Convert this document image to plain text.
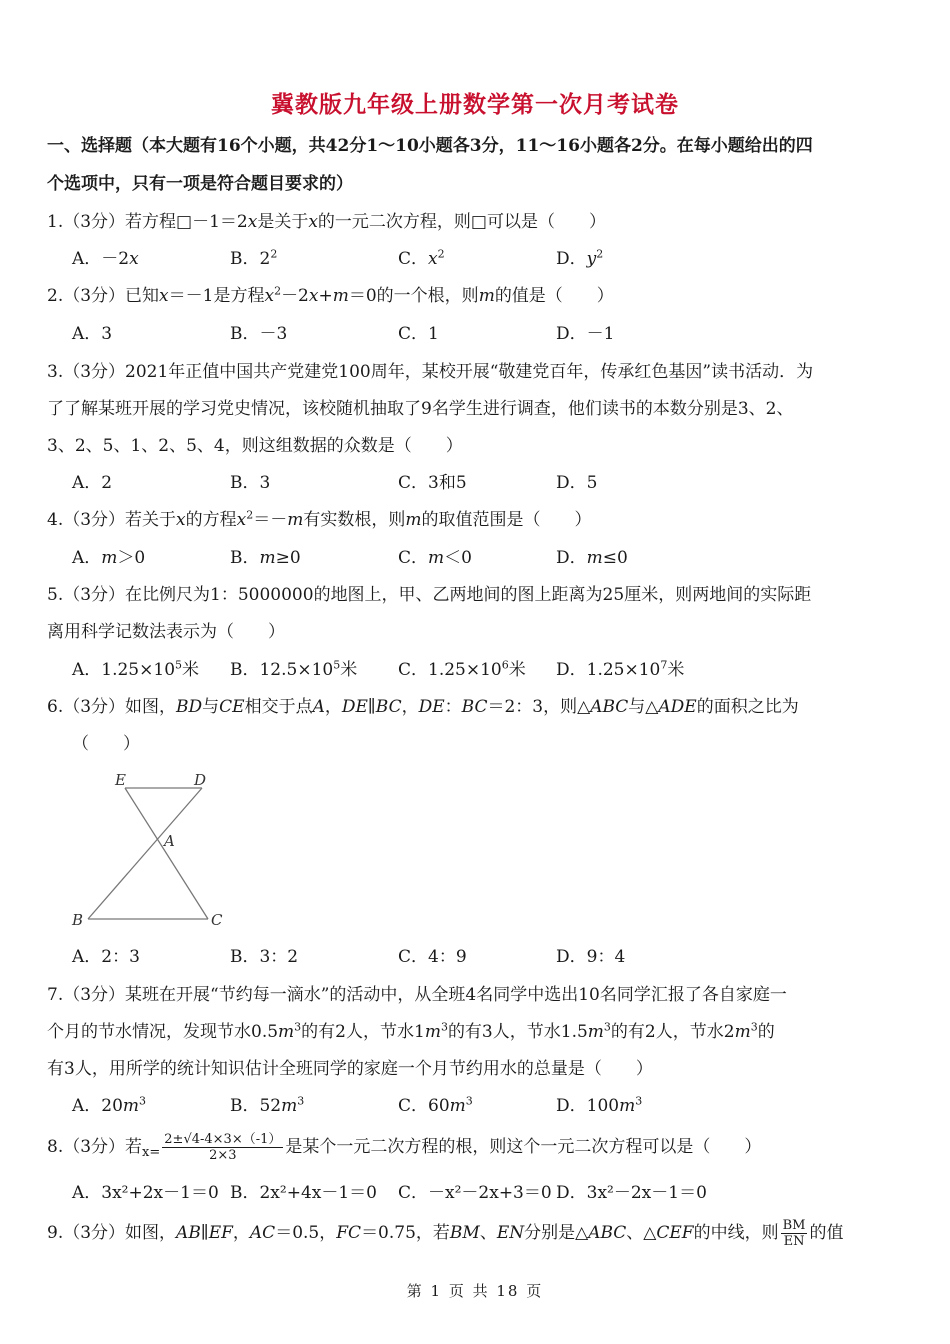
冀教版九年级上册数学第一次月考试卷
一、选择题（本大题有16个小题，共42分1～10小题各3分，11～16小题各2分。在每小题给出的四
个选项中，只有一项是符合题目要求的）
1.（3分）若方程□－1＝2x是关于x的一元二次方程，则□可以是（　　）
A．－2x	B．$2^2$	C．$x^2$	D．$y^2$
2.（3分）已知x＝－1是方程$x^2-2x+m=0$的一个根，则m的值是（　　）
A．3	B．－3	C．1	D．－1
3.（3分）2021年正值中国共产党建党100周年，某校开展“敬建党百年，传承红色基因”读书活动．为
了了解某班开展的学习党史情况，该校随机抽取了9名学生进行调查，他们读书的本数分别是3、2、
3、2、5、1、2、5、4，则这组数据的众数是（　　）
A．2	B．3	C．3和5	D．5
4.（3分）若关于x的方程$x^2=-m$有实数根，则m的取值范围是（　　）
A．m＞0	B．m≥0	C．m＜0	D．m≤0
5.（3分）在比例尺为1：5000000的地图上，甲、乙两地间的图上距离为25厘米，则两地间的实际距
离用科学记数法表示为（　　）
A．$1.25\times 10^5$米 B．$12.5\times 10^5$米 C．$1.25\times 10^6$米 D．$1.25\times 10^7$米
6.（3分）如图，BD与CE相交于点A，DE∥BC，DE：BC＝2：3，则△ABC与△ADE的面积之比为
（　　）
E	D
A
B	C
A．2：3	B．3：2	C．4：9	D．9：4
7.（3分）某班在开展“节约每一滴水”的活动中，从全班4名同学中选出10名同学汇报了各自家庭一
个月的节水情况，发现节水$0.5m^3$的有2人，节水$1m^3$的有3人，节水$1.5m^3$的有2人，节水$2m^3$的
有3人，用所学的统计知识估计全班同学的家庭一个月节约用水的总量是（　　）
A．$20m^3$	B．$52m^3$	C．$60m^3$	D．$100m^3$
8.（3分）若$_{x=} \frac{2\pm√4-4\times 3\times(-1)}{2\times 3}$ 是某个一元二次方程的根，则这个一元二次方程可以是（　　）
A．3x²+2x－1＝0 B．2x²+4x－1＝0 C．－x²－2x+3＝0 D．3x²－2x－1＝0
9.（3分）如图，AB∥EF，AC＝0.5，FC＝0.75，若BM、EN分别是△ABC、△CEF的中线，则 $\frac{BM}{EN}$ 的值
第 1 页 共 18 页
